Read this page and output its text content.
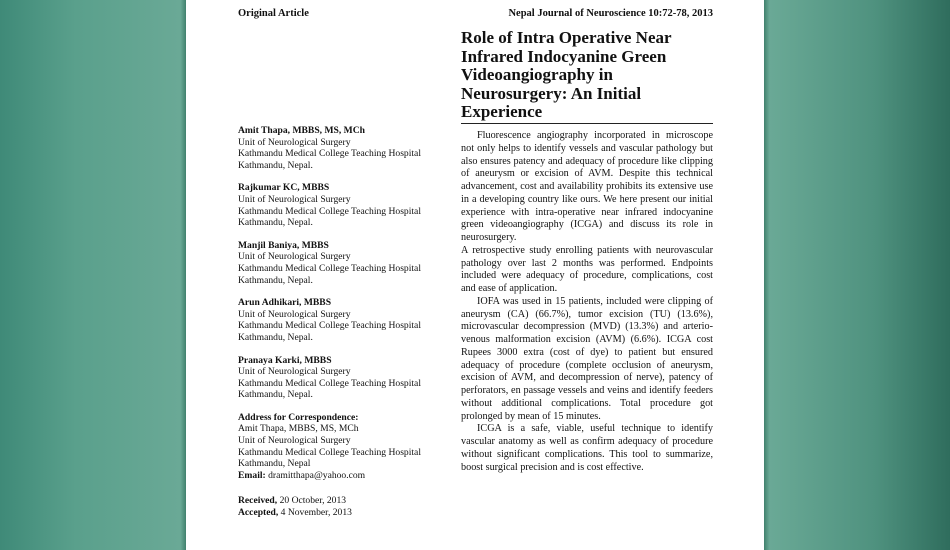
Original Article	Nepal Journal of Neuroscience 10:72-78, 2013
Role of Intra Operative Near Infrared Indocyanine Green Videoangiography in Neurosurgery: An Initial Experience
Amit Thapa, MBBS, MS, MCh
Unit of Neurological Surgery
Kathmandu Medical College Teaching Hospital
Kathmandu, Nepal.
Rajkumar KC, MBBS
Unit of Neurological Surgery
Kathmandu Medical College Teaching Hospital
Kathmandu, Nepal.
Manjil Baniya, MBBS
Unit of Neurological Surgery
Kathmandu Medical College Teaching Hospital
Kathmandu, Nepal.
Arun Adhikari, MBBS
Unit of Neurological Surgery
Kathmandu Medical College Teaching Hospital
Kathmandu, Nepal.
Pranaya Karki, MBBS
Unit of Neurological Surgery
Kathmandu Medical College Teaching Hospital
Kathmandu, Nepal.
Address for Correspondence:
Amit Thapa, MBBS, MS, MCh
Unit of Neurological Surgery
Kathmandu Medical College Teaching Hospital
Kathmandu, Nepal
Email: dramitthapa@yahoo.com
Received, 20 October, 2013
Accepted, 4 November, 2013

Fluorescence angiography incorporated in microscope not only helps to identify vessels and vascular pathology but also ensures patency and adequacy of procedure like clipping of aneurysm or excision of AVM. Despite this technical advancement, cost and availability prohibits its extensive use in a developing country like ours. We here present our initial experience with intra-operative near infrared indocyanine green videoangiography (ICGA) and discuss its role in neurosurgery.

A retrospective study enrolling patients with neurovascular pathology over last 2 months was performed. Endpoints included were adequacy of procedure, complications, cost and ease of application.

IOFA was used in 15 patients, included were clipping of aneurysm (CA) (66.7%), tumor excision (TU) (13.6%), microvascular decompression (MVD) (13.3%) and arterio-venous malformation excision (AVM) (6.6%). ICGA cost Rupees 3000 extra (cost of dye) to patient but ensured adequacy of procedure (complete occlusion of aneurysm, excision of AVM, and decompression of nerve), patency of perforators, en passage vessels and veins and identify feeders without additional complications. Total procedure got prolonged by mean of 15 minutes.

ICGA is a safe, viable, useful technique to identify vascular anatomy as well as confirm adequacy of procedure without significant complications. This tool to summarize, boost surgical precision and is cost effective.
